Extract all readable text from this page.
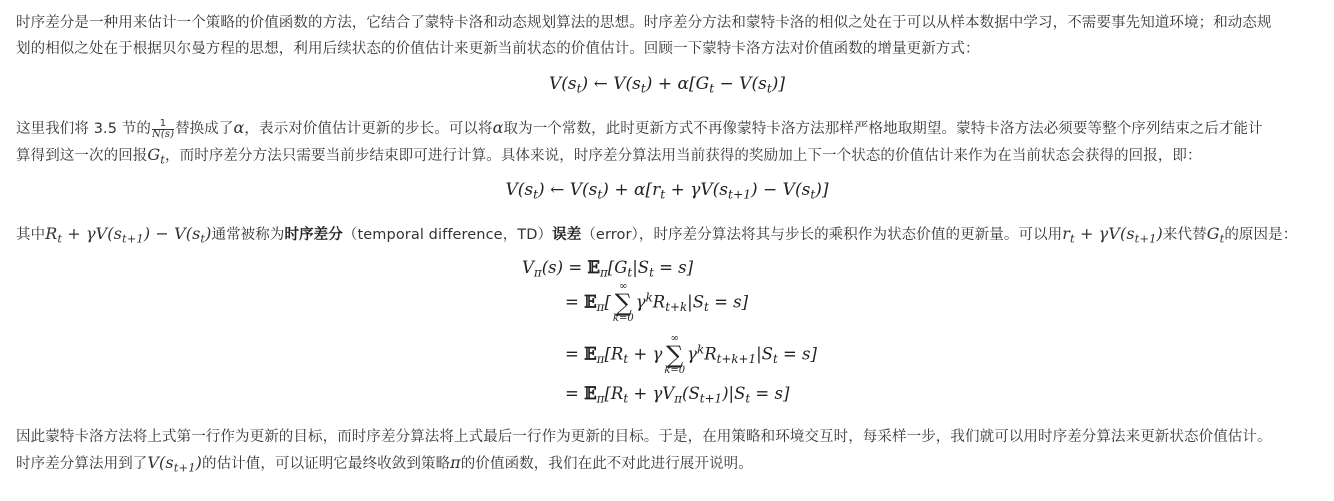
时序差分是一种用来估计一个策略的价值函数的方法，它结合了蒙特卡洛和动态规划算法的思想。时序差分方法和蒙特卡洛的相似之处在于可以从样本数据中学习，不需要事先知道环境；和动态规
划的相似之处在于根据贝尔曼方程的思想，利用后续状态的价值估计来更新当前状态的价值估计。回顾一下蒙特卡洛方法对价值函数的增量更新方式：
$V(s_t)$ ← $V(s_t) + \alpha[G_t - V(s_t)]$
这里我们将 3.5 节的 $\frac{1}{N(s)}$ 替换成了α，表示对价值估计更新的步长。可以将α取为一个常数，此时更新方式不再像蒙特卡洛方法那样严格地取期望。蒙特卡洛方法必须要等整个序列结束之后才能计
算得到这一次的回报$G_t$，而时序差分方法只需要当前步结束即可进行计算。具体来说，时序差分算法用当前获得的奖励加上下一个状态的价值估计来作为在当前状态会获得的回报，即：
$V(s_t)$ ← $V(s_t) + \alpha[r_t + \gamma V(s_{t+1}) - V(s_t)]$
其中$R_t + \gamma V(s_{t+1}) - V(s_t)$通常被称为时序差分（temporal difference，TD）误差（error），时序差分算法将其与步长的乘积作为状态价值的更新量。可以用$r_t + \gamma V(s_{t+1})$来代替$G_t$的原因是：
$V_\pi(s)$ = $𝔼_\pi[G_t|S_t = s]$
= 𝔼$_\pi$[
∞
∑
k=0
$\gamma^kR_{t+k}|S_t = s$]
= $𝔼_\pi[R_t + \gamma$
∞
∑
k=0
$\gamma^kR_{t+k+1}|S_t = s$]
= $𝔼_\pi[R_t + \gamma V_\pi(S_{t+1})|S_t = s]$
因此蒙特卡洛方法将上式第一行作为更新的目标，而时序差分算法将上式最后一行作为更新的目标。于是，在用策略和环境交互时，每采样一步，我们就可以用时序差分算法来更新状态价值估计。
时序差分算法用到了$V(s_{t+1})$的估计值，可以证明它最终收敛到策略π的价值函数，我们在此不对此进行展开说明。
